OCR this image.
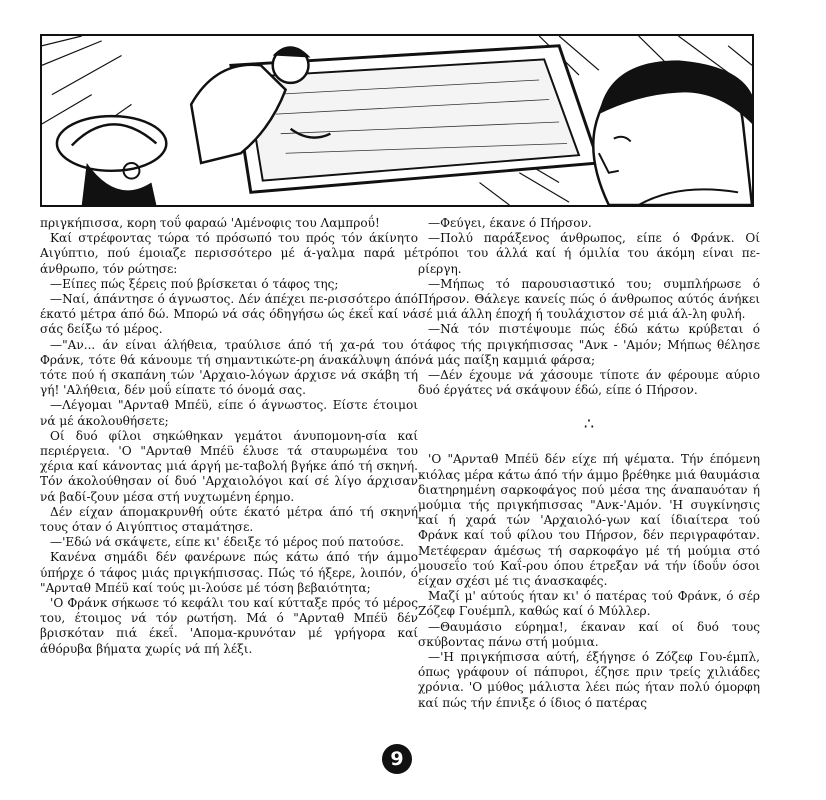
πριγκήπισσα, κορη τοΰ φαραώ 'Αμένοφις του Λαμπροΰ!

Καί στρέφοντας τώρα τό πρόσωπό του πρός τόν άκίνητο Αιγύπτιο, πού έμοιαζε περισσότερο μέ ά-γαλμα παρά μέ άνθρωπο, τόν ρώτησε:

—Είπες πώς ξέρεις πού βρίσκεται ό τάφος της;

—Ναί, άπάντησε ό άγνωστος. Δέν άπέχει πε-ρισσότερο άπό έκατό μέτρα άπό δώ. Μπορώ νά σάς όδηγήσω ώς έκεΐ καί νά σάς δείξω τό μέρος.

—"Αν... άν είναι άλήθεια, τραύλισε άπό τή χα-ρά του ό Φράνκ, τότε θά κάνουμε τή σημαντικώτε-ρη άνακάλυψη άπό τότε πού ή σκαπάνη τών 'Αρχαιο-λόγων άρχισε νά σκάβη τή γή! 'Αλήθεια, δέν μοΰ είπατε τό όνομά σας.

—Λέγομαι "Αρνταθ Μπέϋ, είπε ό άγνωστος. Είστε έτοιμοι νά μέ άκολουθήσετε;

Οί δυό φίλοι σηκώθηκαν γεμάτοι άνυπομονη-σία καί περιέργεια. 'Ο "Αρνταθ Μπέϋ έλυσε τά σταυρωμένα του χέρια καί κάνοντας μιά άργή με-ταβολή βγήκε άπό τή σκηνή. Τόν άκολούθησαν οί δυό 'Αρχαιολόγοι καί σέ λίγο άρχισαν νά βαδί-ζουν μέσα στή νυχτωμένη έρημο.

Δέν είχαν άπομακρυνθή ούτε έκατό μέτρα άπό τή σκηνή τους όταν ό Αιγύπτιος σταμάτησε.

—'Εδώ νά σκάψετε, είπε κι' έδειξε τό μέρος πού πατούσε.

Κανένα σημάδι δέν φανέρωνε πώς κάτω άπό τήν άμμο ύπήρχε ό τάφος μιάς πριγκήπισσας. Πώς τό ήξερε, λοιπόν, ό "Αρνταθ Μπέϋ καί τούς μι-λούσε μέ τόση βεβαιότητα;

'Ο Φράνκ σήκωσε τό κεφάλι του καί κύτταξε πρός τό μέρος του, έτοιμος νά τόν ρωτήση. Μά ό "Αρνταθ Μπέϋ δέν βρισκόταν πιά έκεΐ. 'Απομα-κρυνόταν μέ γρήγορα καί άθόρυβα βήματα χωρίς νά πή λέξι.

—Φεύγει, έκανε ό Πήρσον.

—Πολύ παράξενος άνθρωπος, είπε ό Φράνκ. Οί τρόποι του άλλά καί ή όμιλία του άκόμη είναι πε-ρίεργη.

—Μήπως τό παρουσιαστικό του; συμπλήρωσε ό Πήρσον. Θάλεγε κανείς πώς ό άνθρωπος αύτός άνήκει σέ μιά άλλη έποχή ή τουλάχιστον σέ μιά άλ-λη φυλή.

—Νά τόν πιστέψουμε πώς έδώ κάτω κρύβεται ό τάφος τής πριγκήπισσας "Ανκ - 'Αμόν; Μήπως θέλησε νά μάς παίξη καμμιά φάρσα;

—Δέν έχουμε νά χάσουμε τίποτε άν φέρουμε αύριο δυό έργάτες νά σκάψουν έδώ, είπε ό Πήρσον.

∴

'Ο "Αρνταθ Μπέϋ δέν είχε πή ψέματα. Τήν έπόμενη κιόλας μέρα κάτω άπό τήν άμμο βρέθηκε μιά θαυμάσια διατηρημένη σαρκοφάγος πού μέσα της άναπαυόταν ή μούμια τής πριγκήπισσας "Ανκ-'Αμόν. 'Η συγκίνησις καί ή χαρά τών 'Αρχαιολό-γων καί ίδιαίτερα τού Φράνκ καί τοΰ φίλου του Πήρσον, δέν περιγραφόταν. Μετέφεραν άμέσως τή σαρκοφάγο μέ τή μούμια στό μουσεΐο τού Καΐ-ρου όπου έτρεξαν νά τήν ίδοΰν όσοι είχαν σχέσι μέ τις άνασκαφές.

Μαζί μ' αύτούς ήταν κι' ό πατέρας τού Φράνκ, ό σέρ Ζόζεφ Γουέμπλ, καθώς καί ό Μύλλερ.

—Θαυμάσιο εύρημα!, έκαναν καί οί δυό τους σκύβοντας πάνω στή μούμια.

—'Η πριγκήπισσα αύτή, έξήγησε ό Ζόζεφ Γου-έμπλ, όπως γράφουν οί πάπυροι, έζησε πριν τρείς χιλιάδες χρόνια. 'Ο μύθος μάλιστα λέει πώς ήταν πολύ όμορφη καί πώς τήν έπνιξε ό ίδιος ό πατέρας

9
